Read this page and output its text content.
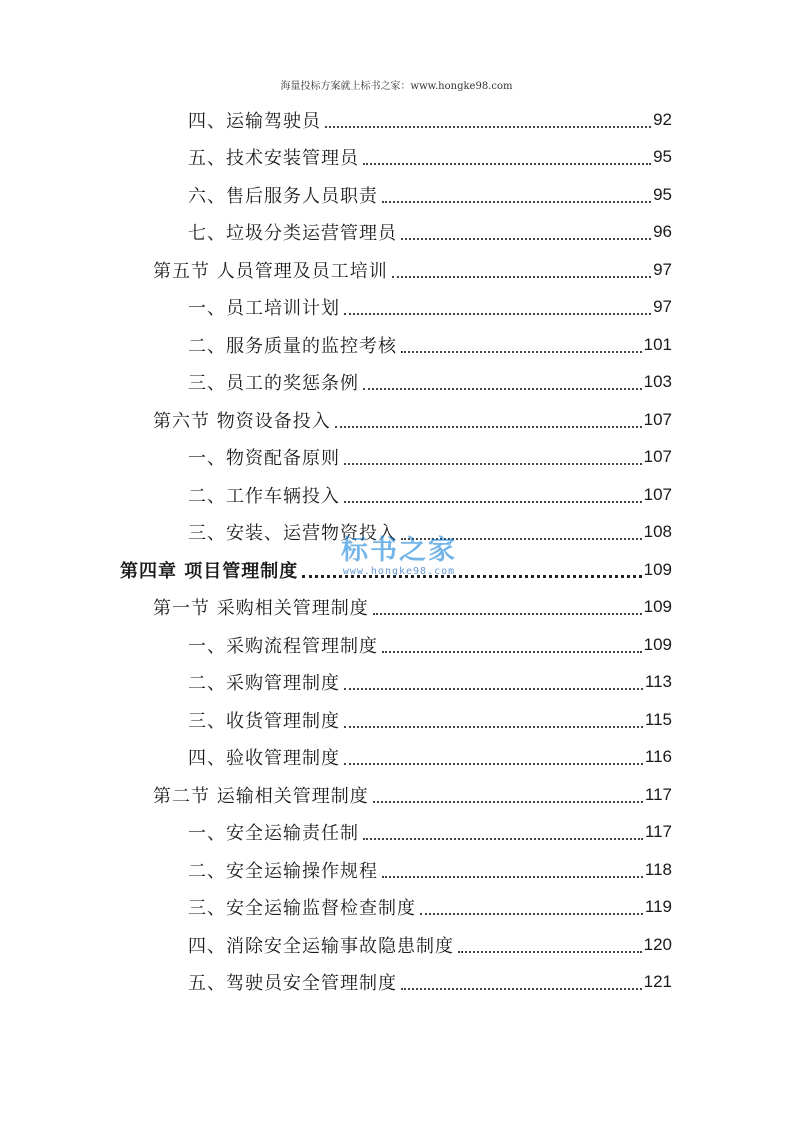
海量投标方案就上标书之家：www.hongke98.com
四、运输驾驶员	92
五、技术安装管理员	95
六、售后服务人员职责	95
七、垃圾分类运营管理员	96
第五节 人员管理及员工培训	97
一、员工培训计划	97
二、服务质量的监控考核	101
三、员工的奖惩条例	103
第六节 物资设备投入	107
一、物资配备原则	107
二、工作车辆投入	107
三、安装、运营物资投入	108
第四章 项目管理制度	109
第一节 采购相关管理制度	109
一、采购流程管理制度	109
二、采购管理制度	113
三、收货管理制度	115
四、验收管理制度	116
第二节 运输相关管理制度	117
一、安全运输责任制	117
二、安全运输操作规程	118
三、安全运输监督检查制度	119
四、消除安全运输事故隐患制度	120
五、驾驶员安全管理制度	121
标书之家
www.hongke98.com
